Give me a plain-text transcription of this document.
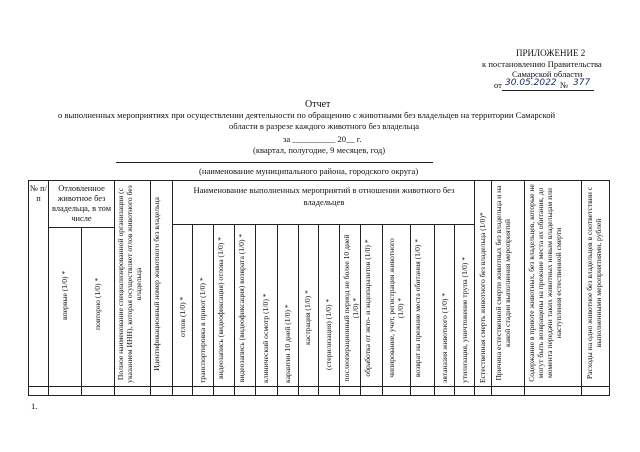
ПРИЛОЖЕНИЕ 2
к постановлению Правительства
Самарской области
от 30.05.2022 № 377
Отчет
о выполненных мероприятиях при осуществлении деятельности по обращению с животными без владельцев на территории Самарской
области в разрезе каждого животного без владельца
за __________ 20__ г.
(квартал, полугодие, 9 месяцев, год)
(наименование муниципального района, городского округа)
№ п/п
Отловленное животное без владельца, в том числе
Наименование выполненных мероприятий в отношении животного без владельцев
впервые (1/0) *	повторно (1/0) * Полное наименование специализированной организации (с указанием ИНН), которая осуществляет отлов животного без владельца Идентификационный номер животного без владельца отлов (1/0) * транспортировка в приют (1/0) * видеозапись (видеофиксация) отлова (1/0) * видеозапись (видеофиксация) возврата (1/0) * клинический осмотр (1/0) * карантин 10 дней (1/0) * кастрация (1/0) * (стерилизация) (1/0) * послеоперационный период не более 10 дней (1/0) * обработка от экто- и эндопаразитов (1/0) * чипирование, учет, регистрация животного (1/0) * возврат на прежние места обитания (1/0) * эвтаназия животного (1/0) * утилизация, уничтожение трупа (1/0) * Естественная смерть животного без владельца (1/0)* Причина естественной смерти животных без владельца и на какой стадии выполнения мероприятий Содержание в приюте животных, без владельцев, которые не могут быть возвращены на прежние места их обитания, до момента передачи таких животных новым владельцам или наступления естественной смерти	Расходы на одно животное без владельцев в соответствии с выполненными мероприятиями, рублей
1.
